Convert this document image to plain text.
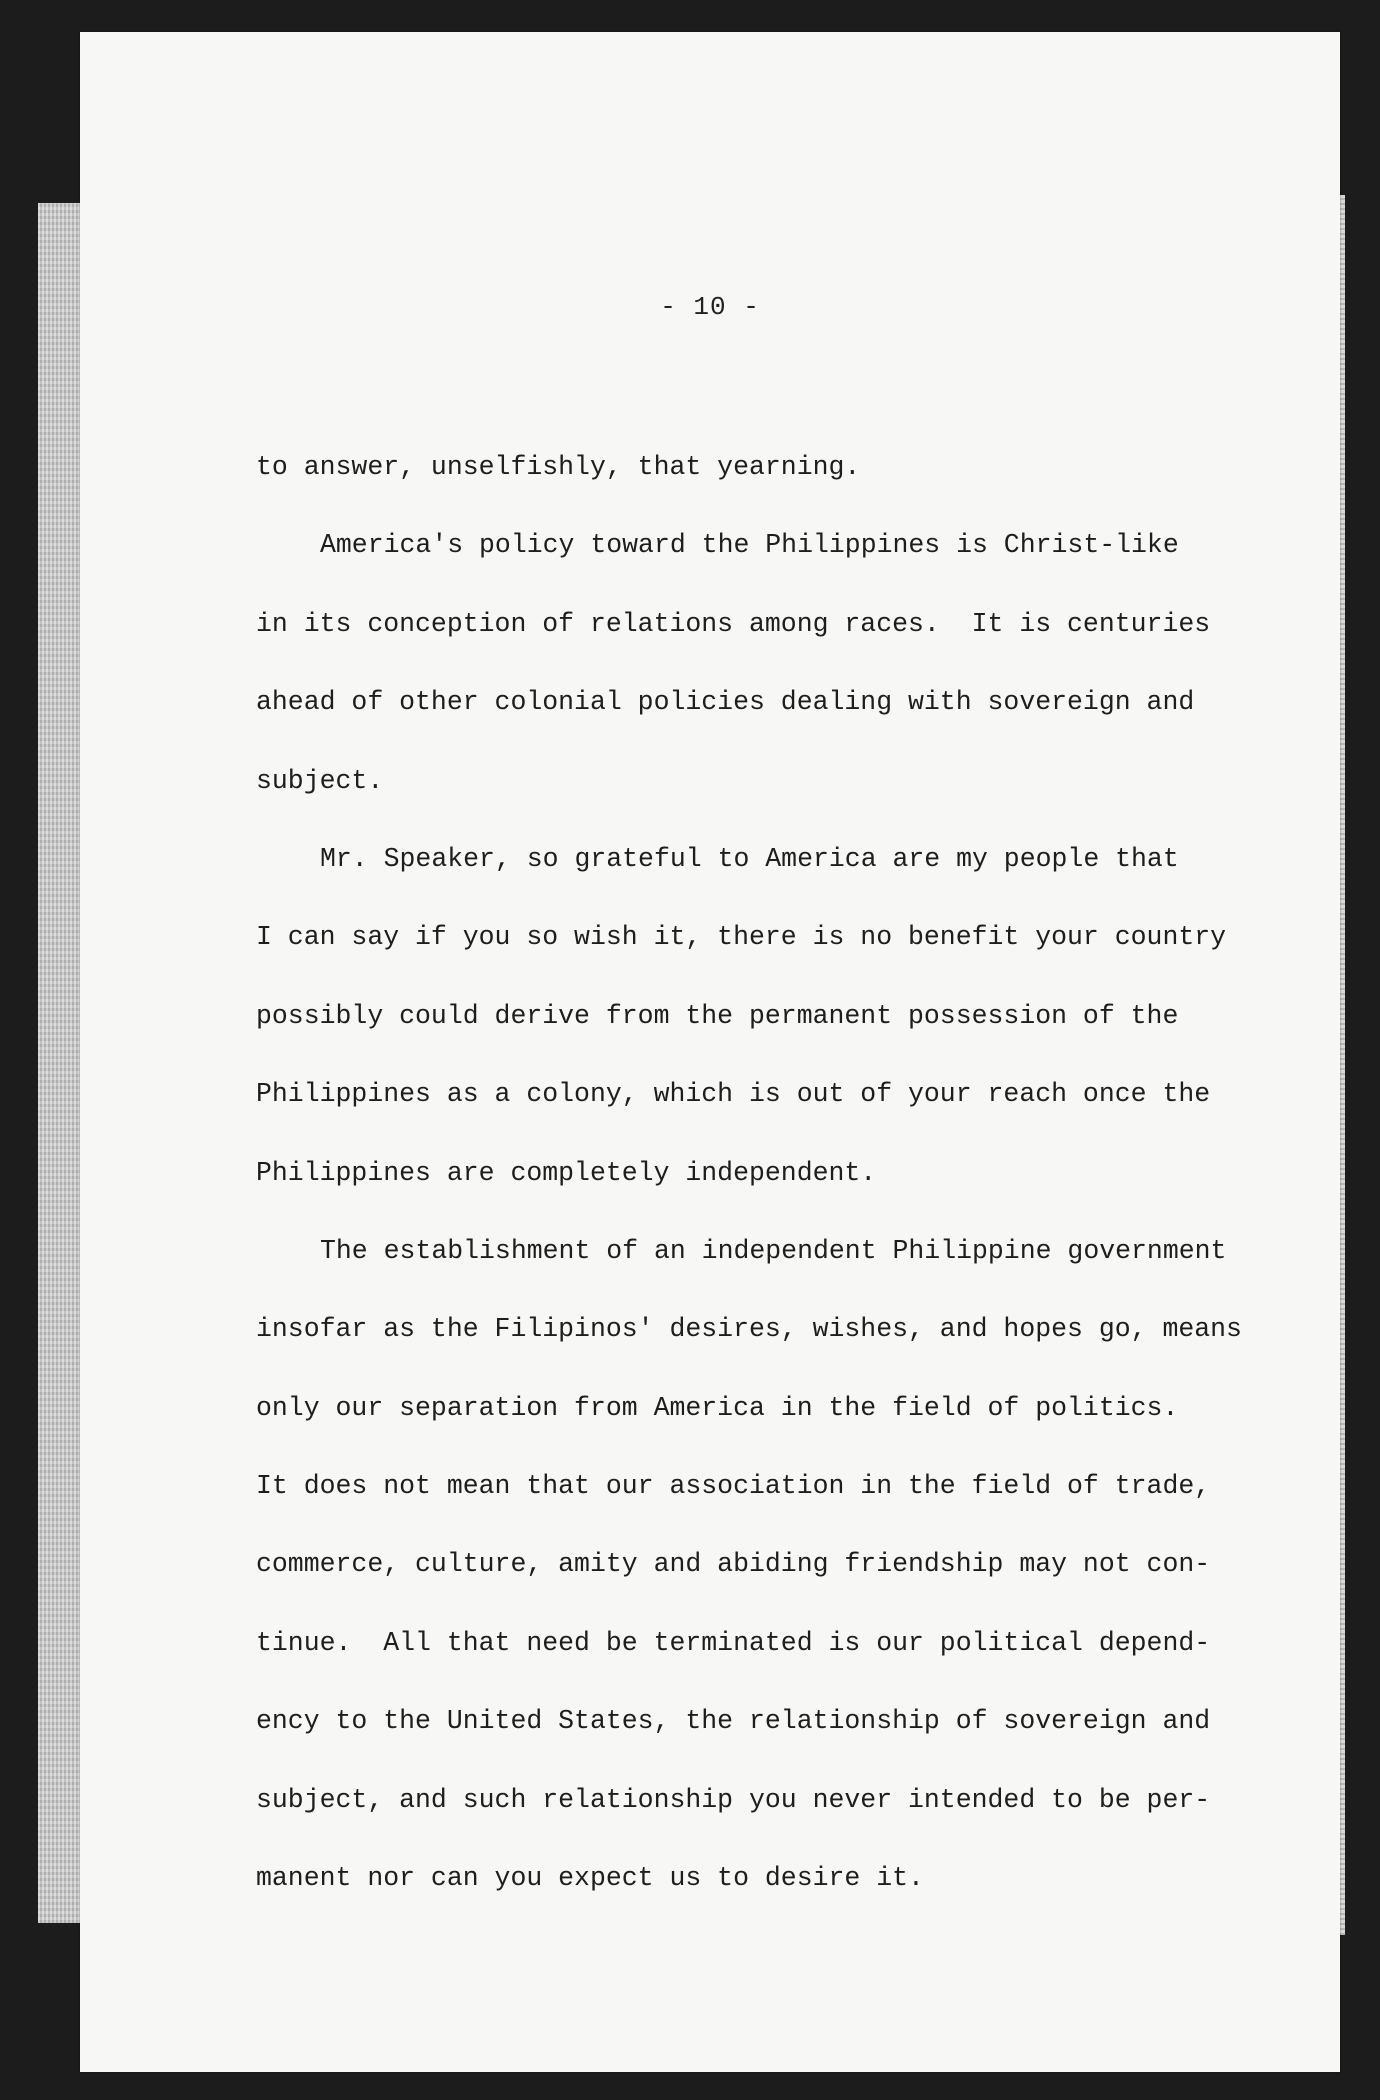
- 10 -
to answer, unselfishly, that yearning.
America's policy toward the Philippines is Christ-like
in its conception of relations among races.  It is centuries
ahead of other colonial policies dealing with sovereign and
subject.
Mr. Speaker, so grateful to America are my people that
I can say if you so wish it, there is no benefit your country
possibly could derive from the permanent possession of the
Philippines as a colony, which is out of your reach once the
Philippines are completely independent.
The establishment of an independent Philippine government
insofar as the Filipinos' desires, wishes, and hopes go, means
only our separation from America in the field of politics.
It does not mean that our association in the field of trade,
commerce, culture, amity and abiding friendship may not con-
tinue.  All that need be terminated is our political depend-
ency to the United States, the relationship of sovereign and
subject, and such relationship you never intended to be per-
manent nor can you expect us to desire it.
